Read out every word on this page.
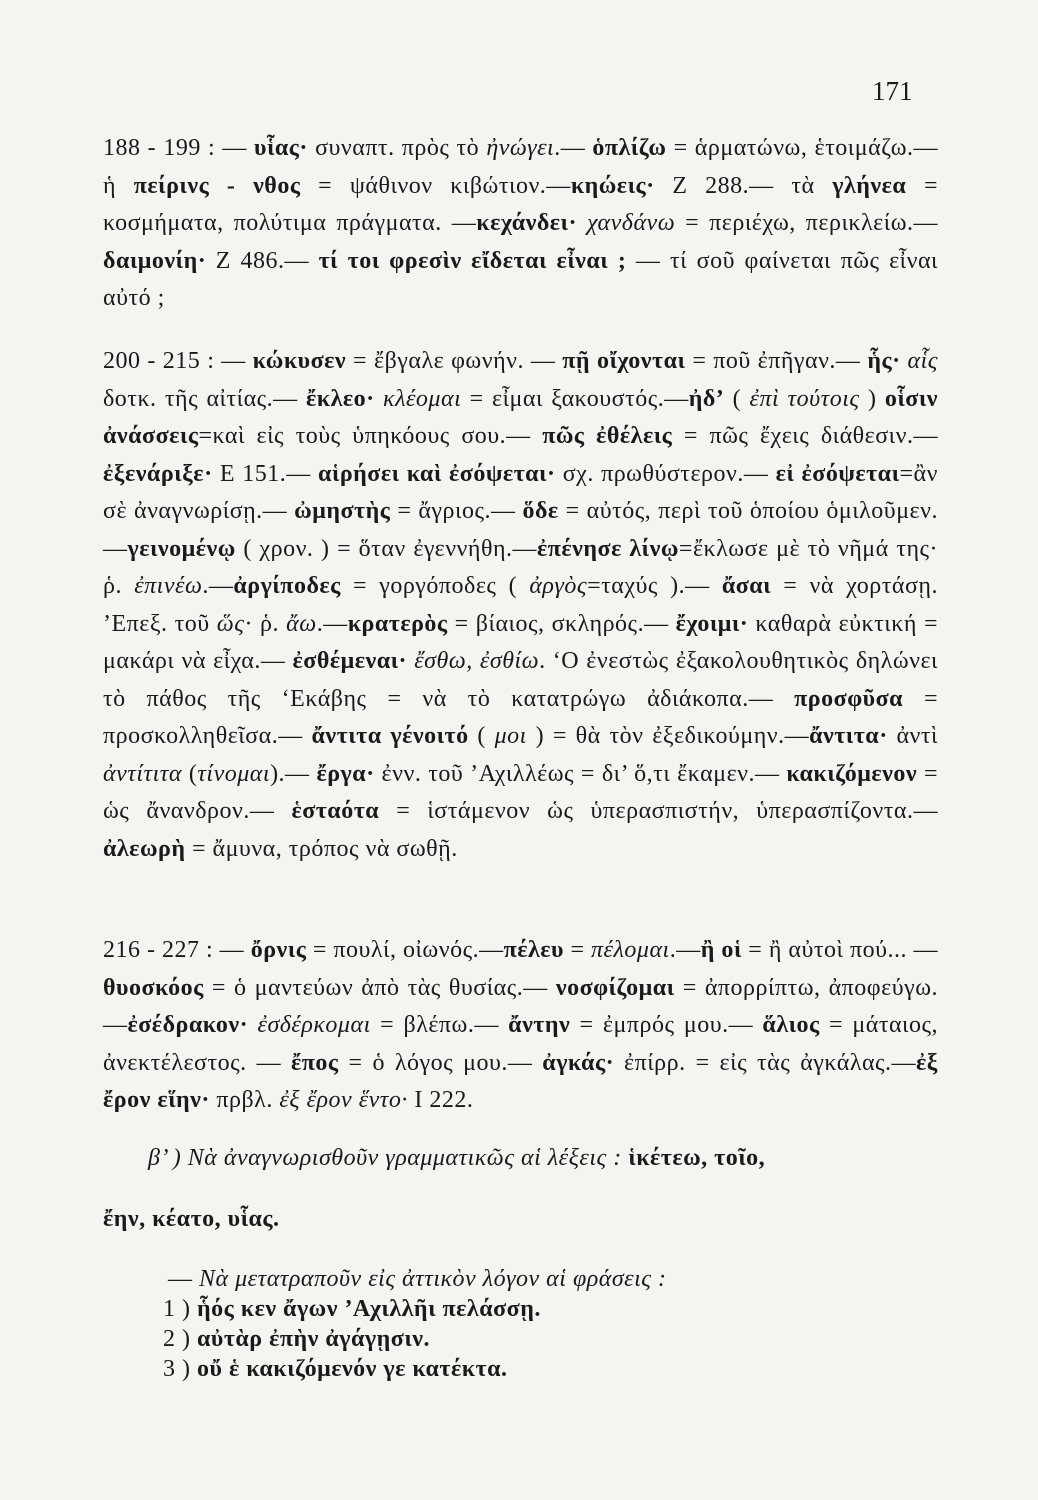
171
188 - 199 : — υἷας· συναπτ. πρὸς τὸ ἠνώγει.— ὁπλίζω = ἁρματώνω, ἑτοιμάζω.— ἡ πείρινς - νθος = ψάθινον κιβώτιον.—κηώεις· Ζ 288.— τὰ γλήνεα = κοσμήματα, πολύτιμα πράγματα. —κεχάνδει· χανδάνω = περιέχω, περικλείω.— δαιμονίη· Ζ 486.— τί τοι φρεσὶν εἴδεται εἶναι ; — τί σοῦ φαίνεται πῶς εἶναι αὐτό ;
200 - 215 : — κώκυσεν = ἔβγαλε φωνήν. — πῇ οἴχονται = ποῦ ἐπῆγαν.— ἧς· αἷς δοτκ. τῆς αἰτίας.— ἔκλεο· κλέομαι = εἶμαι ξακουστός.—ἠδ’ ( ἐπὶ τούτοις ) οἷσιν ἀνάσσεις=καὶ εἰς τοὺς ὑπηκόους σου.— πῶς ἐθέλεις = πῶς ἔχεις διάθεσιν.— ἐξενάριξε· Ε 151.— αἱρήσει καὶ ἐσόψεται· σχ. πρωθύστερον.— εἰ ἐσόψεται=ἂν σὲ ἀναγνωρίσῃ.— ὠμηστὴς = ἄγριος.— ὅδε = αὐτός, περὶ τοῦ ὁποίου ὁμιλοῦμεν.—γεινομένῳ ( χρον. ) = ὅταν ἐγεννήθη.—ἐπένησε λίνῳ=ἔκλωσε μὲ τὸ νῆμά της· ῥ. ἐπινέω.—ἀργίποδες = γοργόποδες ( ἀργὸς=ταχύς ).— ἄσαι = νὰ χορτάσῃ. ’Επεξ. τοῦ ὥς· ῥ. ἄω.—κρατερὸς = βίαιος, σκληρός.— ἔχοιμι· καθαρὰ εὐκτική = μακάρι νὰ εἶχα.— ἐσθέμεναι· ἔσθω, ἐσθίω. ‘Ο ἐνεστὼς ἐξακολουθητικὸς δηλώνει τὸ πάθος τῆς ‘Εκάβης = νὰ τὸ κατατρώγω ἀδιάκοπα.— προσφῦσα = προσκολληθεῖσα.— ἄντιτα γένοιτό ( μοι ) = θὰ τὸν ἐξεδικούμην.—ἄντιτα· ἀντὶ ἀντίτιτα (τίνομαι).— ἔργα· ἐνν. τοῦ ’Αχιλλέως = δι’ ὅ,τι ἔκαμεν.— κακιζόμενον = ὡς ἄνανδρον.— ἑσταότα = ἱστάμενον ὡς ὑπερασπιστήν, ὑπερασπίζοντα.— ἀλεωρὴ = ἄμυνα, τρόπος νὰ σωθῇ.
216 - 227 : — ὄρνις = πουλί, οἰωνός.—πέλευ = πέλομαι.—ἢ οἱ = ἢ αὐτοὶ πού... — θυοσκόος = ὁ μαντεύων ἀπὸ τὰς θυσίας.— νοσφίζομαι = ἀπορρίπτω, ἀποφεύγω.—ἐσέδρακον· ἐσδέρκομαι = βλέπω.— ἄντην = ἐμπρός μου.— ἅλιος = μάταιος, ἀνεκτέλεστος. — ἔπος = ὁ λόγος μου.— ἀγκάς· ἐπίρρ. = εἰς τὰς ἀγκάλας.—ἐξ ἔρον εἵην· πρβλ. ἐξ ἔρον ἕντο· Ι 222.
β’ ) Νὰ ἀναγνωρισθοῦν γραμματικῶς αἱ λέξεις : ἱκέτεω, τοῖο,
ἔην, κέατο, υἷας.
— Νὰ μετατραποῦν εἰς ἀττικὸν λόγον αἱ φράσεις :
1 ) ἧός κεν ἄγων ’Αχιλλῆι πελάσσῃ.
2 ) αὐτὰρ ἐπὴν ἀγάγῃσιν.
3 ) οὔ ἑ κακιζόμενόν γε κατέκτα.
